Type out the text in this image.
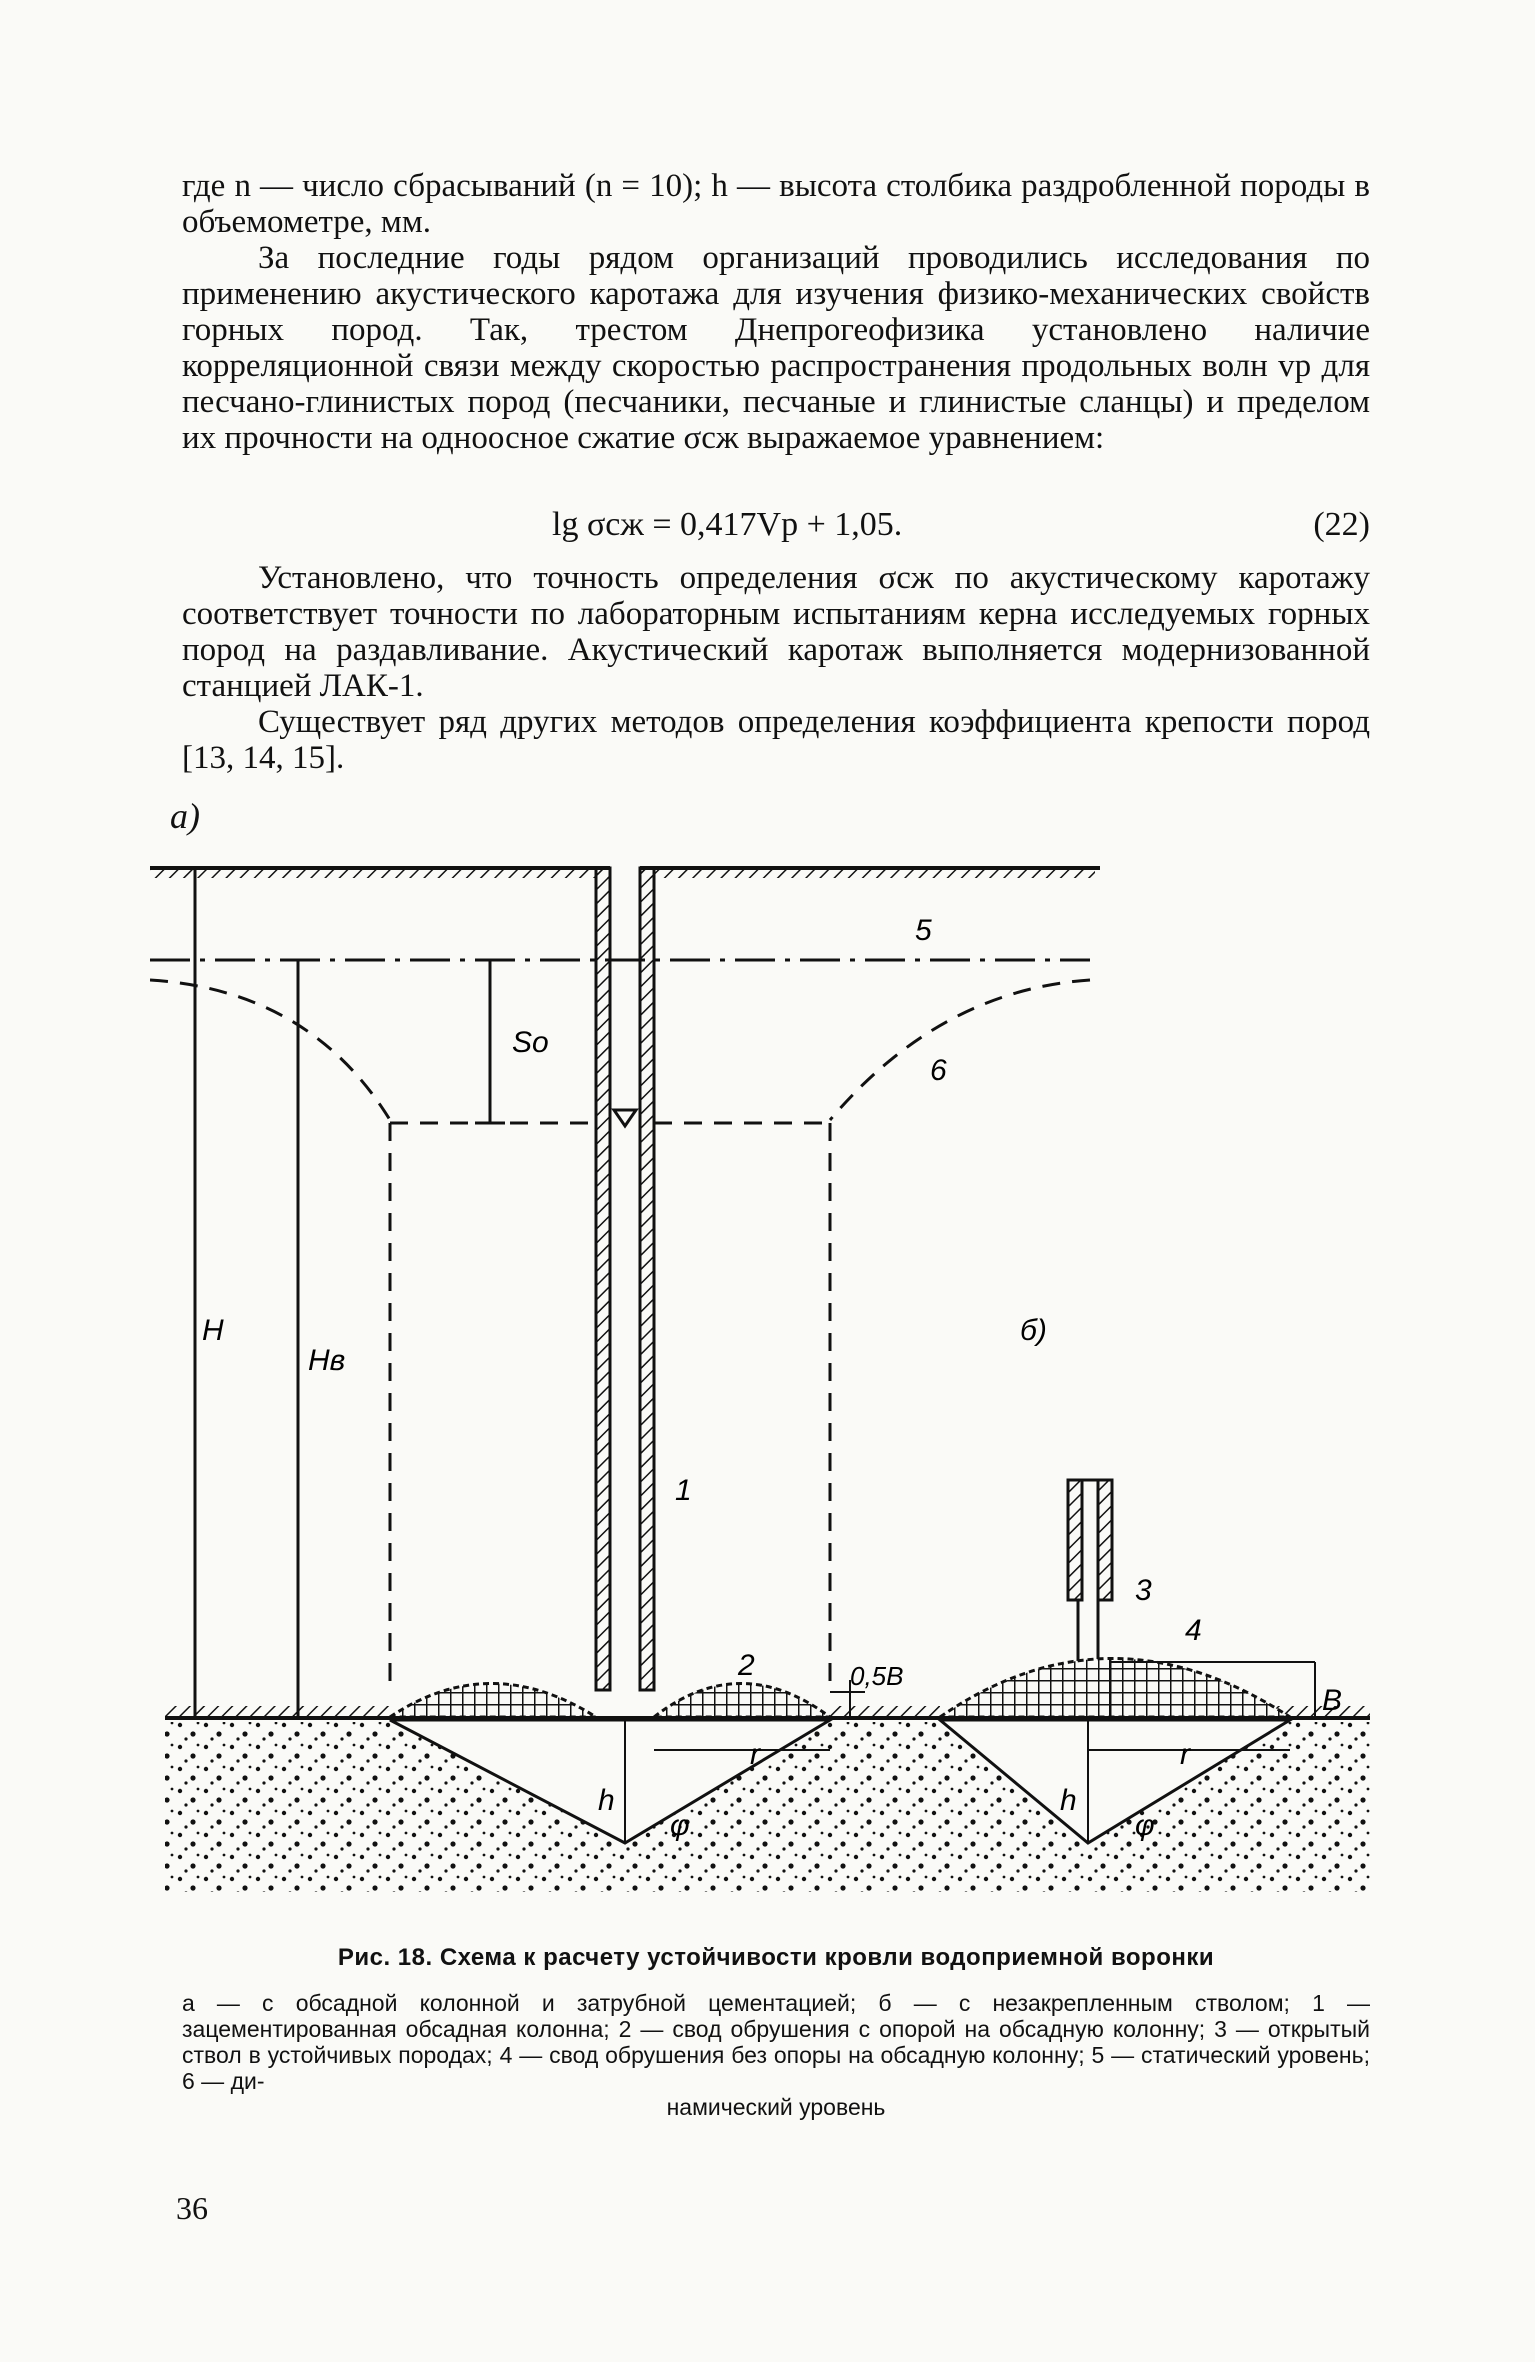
где n — число сбрасываний (n = 10); h — высота столбика раздробленной породы в объемометре, мм.

За последние годы рядом организаций проводились исследования по применению акустического каротажа для изучения физико-механических свойств горных пород. Так, трестом Днепрогеофизика установлено наличие корреляционной связи между скоростью распространения продольных волн vp для песчано-глинистых пород (песчаники, песчаные и глинистые сланцы) и пределом их прочности на одноосное сжатие σсж выражаемое уравнением:

lg σсж = 0,417Vp + 1,05.	(22)

Установлено, что точность определения σсж по акустическому каротажу соответствует точности по лабораторным испытаниям керна исследуемых горных пород на раздавливание. Акустический каротаж выполняется модернизованной станцией ЛАК-1.

Существует ряд других методов определения коэффициента крепости пород [13, 14, 15].

а)
H
Hв
So
6
5
1
2	0,5B
r
h
φ
б)
3
4
B
r
h
φ
Рис. 18. Схема к расчету устойчивости кровли водоприемной воронки

а — с обсадной колонной и затрубной цементацией; б — с незакрепленным стволом; 1 — зацементированная обсадная колонна; 2 — свод обрушения с опорой на обсадную колонну; 3 — открытый ствол в устойчивых породах; 4 — свод обрушения без опоры на обсадную колонну; 5 — статический уровень; 6 — ди-

намический уровень

36
